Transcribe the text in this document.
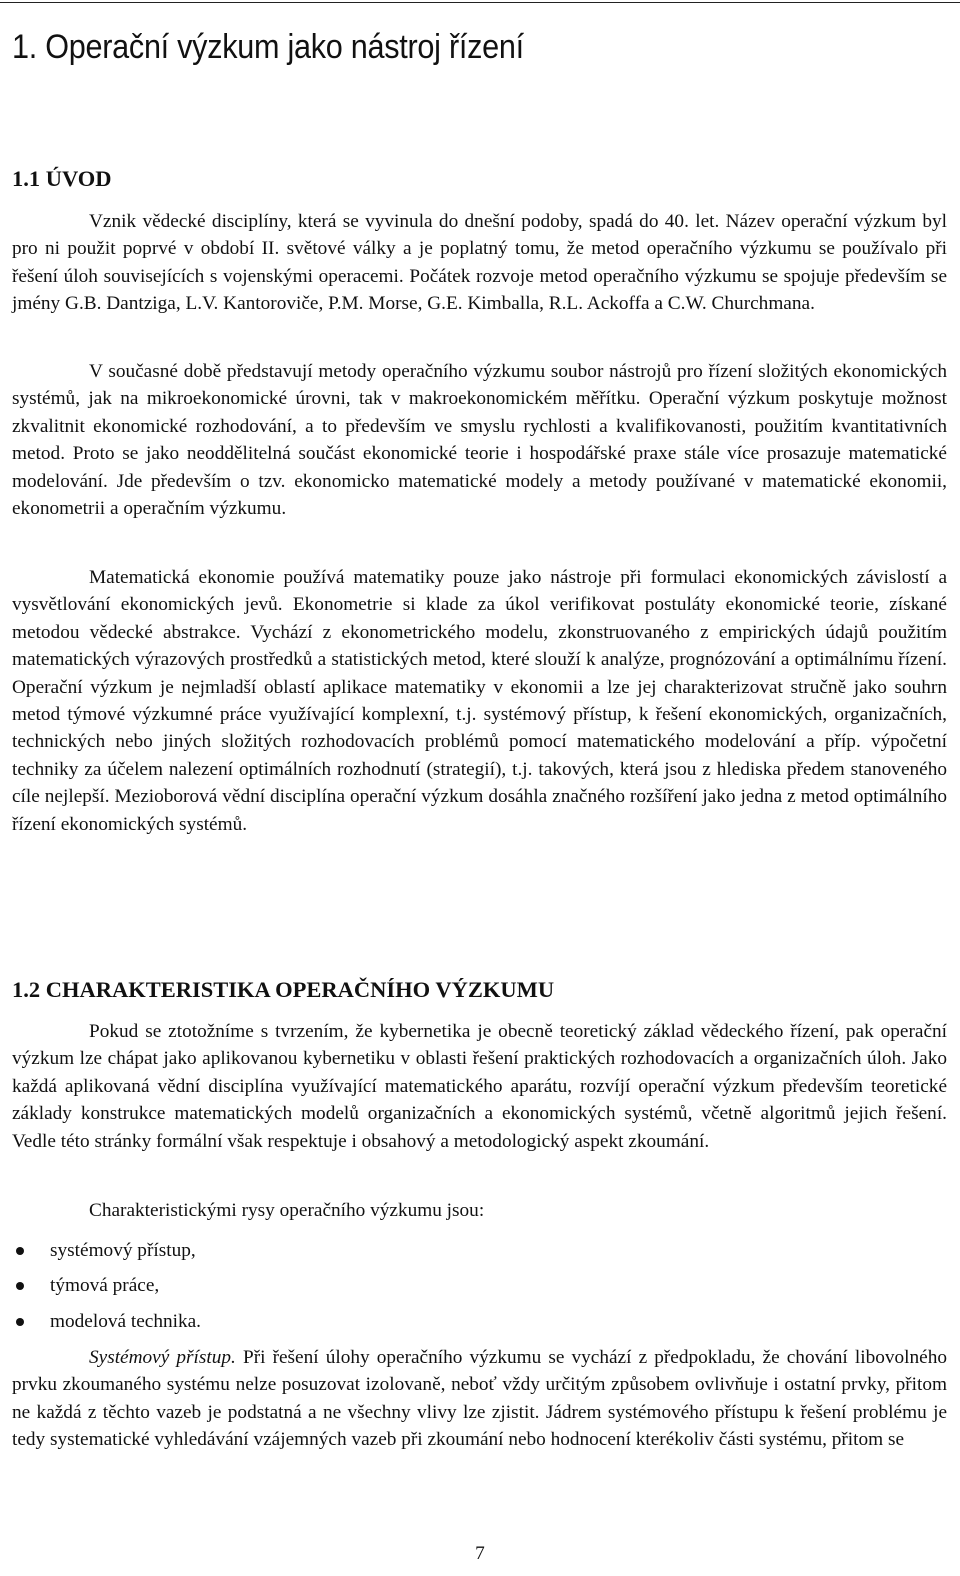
1. Operační výzkum jako nástroj řízení
1.1 ÚVOD

Vznik vědecké disciplíny, která se vyvinula do dnešní podoby, spadá do 40. let. Název operační výzkum byl pro ni použit poprvé v období II. světové války a je poplatný tomu, že metod operačního výzkumu se používalo při řešení úloh souvisejících s vojenskými operacemi. Počátek rozvoje metod operačního výzkumu se spojuje především se jmény G.B. Dantziga, L.V. Kantoroviče, P.M. Morse, G.E. Kimballa, R.L. Ackoffa a C.W. Churchmana.

V současné době představují metody operačního výzkumu soubor nástrojů pro řízení složitých ekonomických systémů, jak na mikroekonomické úrovni, tak v makroekonomickém měřítku. Operační výzkum poskytuje možnost zkvalitnit ekonomické rozhodování, a to především ve smyslu rychlosti a kvalifikovanosti, použitím kvantitativních metod. Proto se jako neoddělitelná součást ekonomické teorie i hospodářské praxe stále více prosazuje matematické modelování. Jde především o tzv. ekonomicko matematické modely a metody používané v matematické ekonomii, ekonometrii a operačním výzkumu.

Matematická ekonomie používá matematiky pouze jako nástroje při formulaci ekonomických závislostí a vysvětlování ekonomických jevů. Ekonometrie si klade za úkol verifikovat postuláty ekonomické teorie, získané metodou vědecké abstrakce. Vychází z ekonometrického modelu, zkonstruovaného z empirických údajů použitím matematických výrazových prostředků a statistických metod, které slouží k analýze, prognózování a optimálnímu řízení. Operační výzkum je nejmladší oblastí aplikace matematiky v ekonomii a lze jej charakterizovat stručně jako souhrn metod týmové výzkumné práce využívající komplexní, t.j. systémový přístup, k řešení ekonomických, organizačních, technických nebo jiných složitých rozhodovacích problémů pomocí matematického modelování a příp. výpočetní techniky za účelem nalezení optimálních rozhodnutí (strategií), t.j. takových, která jsou z hlediska předem stanoveného cíle nejlepší. Mezioborová vědní disciplína operační výzkum dosáhla značného rozšíření jako jedna z metod optimálního řízení ekonomických systémů.

1.2 CHARAKTERISTIKA OPERAČNÍHO VÝZKUMU

Pokud se ztotožníme s tvrzením, že kybernetika je obecně teoretický základ vědeckého řízení, pak operační výzkum lze chápat jako aplikovanou kybernetiku v oblasti řešení praktických rozhodovacích a organizačních úloh. Jako každá aplikovaná vědní disciplína využívající matematického aparátu, rozvíjí operační výzkum především teoretické základy konstrukce matematických modelů organizačních a ekonomických systémů, včetně algoritmů jejich řešení. Vedle této stránky formální však respektuje i obsahový a metodologický aspekt zkoumání.

Charakteristickými rysy operačního výzkumu jsou:

systémový přístup,
týmová práce,
modelová technika.

Systémový přístup. Při řešení úlohy operačního výzkumu se vychází z předpokladu, že chování libovolného prvku zkoumaného systému nelze posuzovat izolovaně, neboť vždy určitým způsobem ovlivňuje i ostatní prvky, přitom ne každá z těchto vazeb je podstatná a ne všechny vlivy lze zjistit. Jádrem systémového přístupu k řešení problému je tedy systematické vyhledávání vzájemných vazeb při zkoumání nebo hodnocení kterékoliv části systému, přitom se

7
